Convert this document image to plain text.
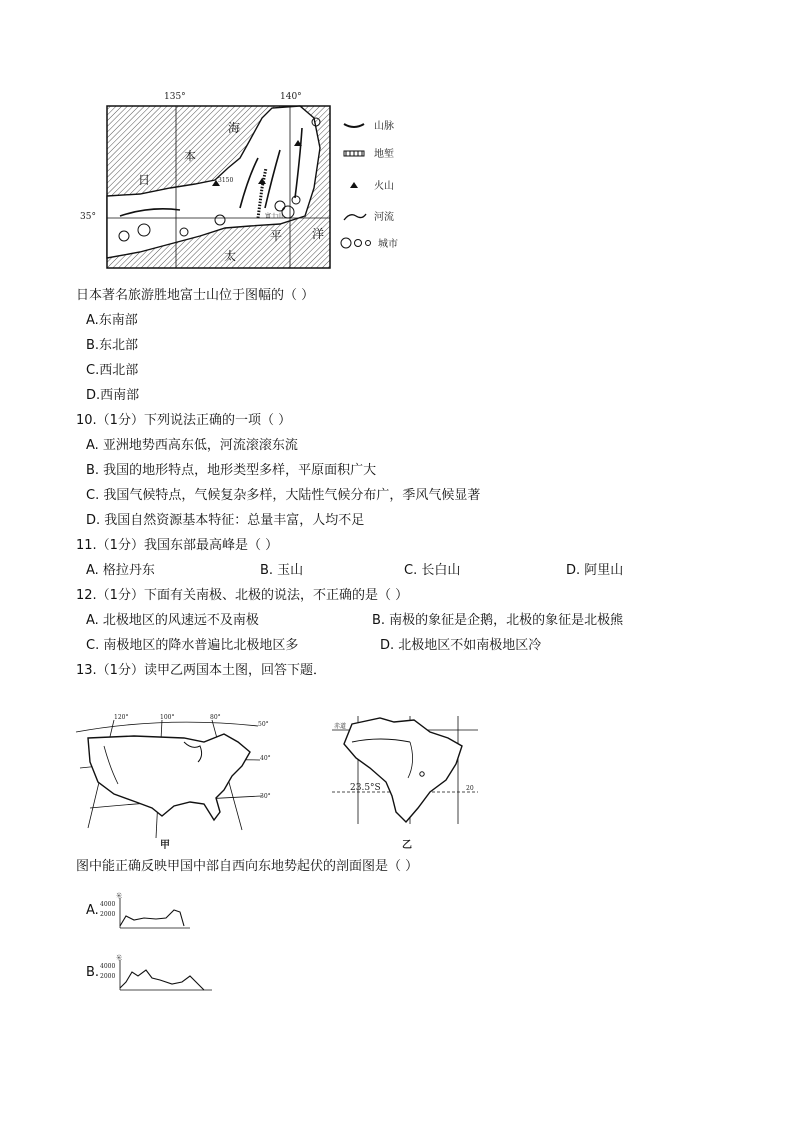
135°	140°
35°
海
本
日
太
平 洋
3150
富士山
山脉
地堑
火山
河流
城市
日本著名旅游胜地富士山位于图幅的（ ）
A.东南部
B.东北部
C.西北部
D.西南部
10.（1分）下列说法正确的一项（ ）
A. 亚洲地势西高东低，河流滚滚东流
B. 我国的地形特点，地形类型多样，平原面积广大
C. 我国气候特点，气候复杂多样，大陆性气候分布广，季风气候显著
D. 我国自然资源基本特征：总量丰富，人均不足
11.（1分）我国东部最高峰是（ ）
A. 格拉丹东	B. 玉山	C. 长白山	D. 阿里山
12.（1分）下面有关南极、北极的说法，不正确的是（ ）
A. 北极地区的风速远不及南极	B. 南极的象征是企鹅，北极的象征是北极熊
C. 南极地区的降水普遍比北极地区多	D. 北极地区不如南极地区冷
13.（1分）读甲乙两国本土图，回答下题．
120°	100°	80°
50°
40°
30°
甲
赤道
23.5°S	20
乙
图中能正确反映甲国中部自西向东地势起伏的剖面图是（ ）
A.
米
4000
2000
B.
米
4000
2000
